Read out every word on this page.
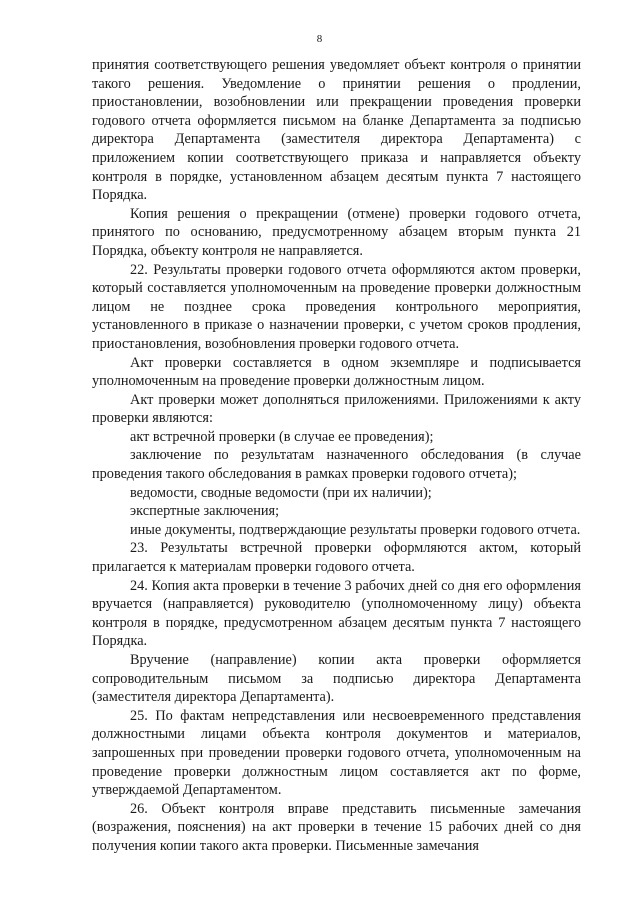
8

принятия соответствующего решения уведомляет объект контроля о принятии такого решения. Уведомление о принятии решения о продлении, приостановлении, возобновлении или прекращении проведения проверки годового отчета оформляется письмом на бланке Департамента за подписью директора Департамента (заместителя директора Департамента) с приложением копии соответствующего приказа и направляется объекту контроля в порядке, установленном абзацем десятым пункта 7 настоящего Порядка.

Копия решения о прекращении (отмене) проверки годового отчета, принятого по основанию, предусмотренному абзацем вторым пункта 21 Порядка, объекту контроля не направляется.

22. Результаты проверки годового отчета оформляются актом проверки, который составляется уполномоченным на проведение проверки должностным лицом не позднее срока проведения контрольного мероприятия, установленного в приказе о назначении проверки, с учетом сроков продления, приостановления, возобновления проверки годового отчета.

Акт проверки составляется в одном экземпляре и подписывается уполномоченным на проведение проверки должностным лицом.

Акт проверки может дополняться приложениями. Приложениями к акту проверки являются:

акт встречной проверки (в случае ее проведения);

заключение по результатам назначенного обследования (в случае проведения такого обследования в рамках проверки годового отчета);

ведомости, сводные ведомости (при их наличии);

экспертные заключения;

иные документы, подтверждающие результаты проверки годового отчета.

23. Результаты встречной проверки оформляются актом, который прилагается к материалам проверки годового отчета.

24. Копия акта проверки в течение 3 рабочих дней со дня его оформления вручается (направляется) руководителю (уполномоченному лицу) объекта контроля в порядке, предусмотренном абзацем десятым пункта 7 настоящего Порядка.

Вручение (направление) копии акта проверки оформляется сопроводительным письмом за подписью директора Департамента (заместителя директора Департамента).

25. По фактам непредставления или несвоевременного представления должностными лицами объекта контроля документов и материалов, запрошенных при проведении проверки годового отчета, уполномоченным на проведение проверки должностным лицом составляется акт по форме, утверждаемой Департаментом.

26. Объект контроля вправе представить письменные замечания (возражения, пояснения) на акт проверки в течение 15 рабочих дней со дня получения копии такого акта проверки. Письменные замечания
